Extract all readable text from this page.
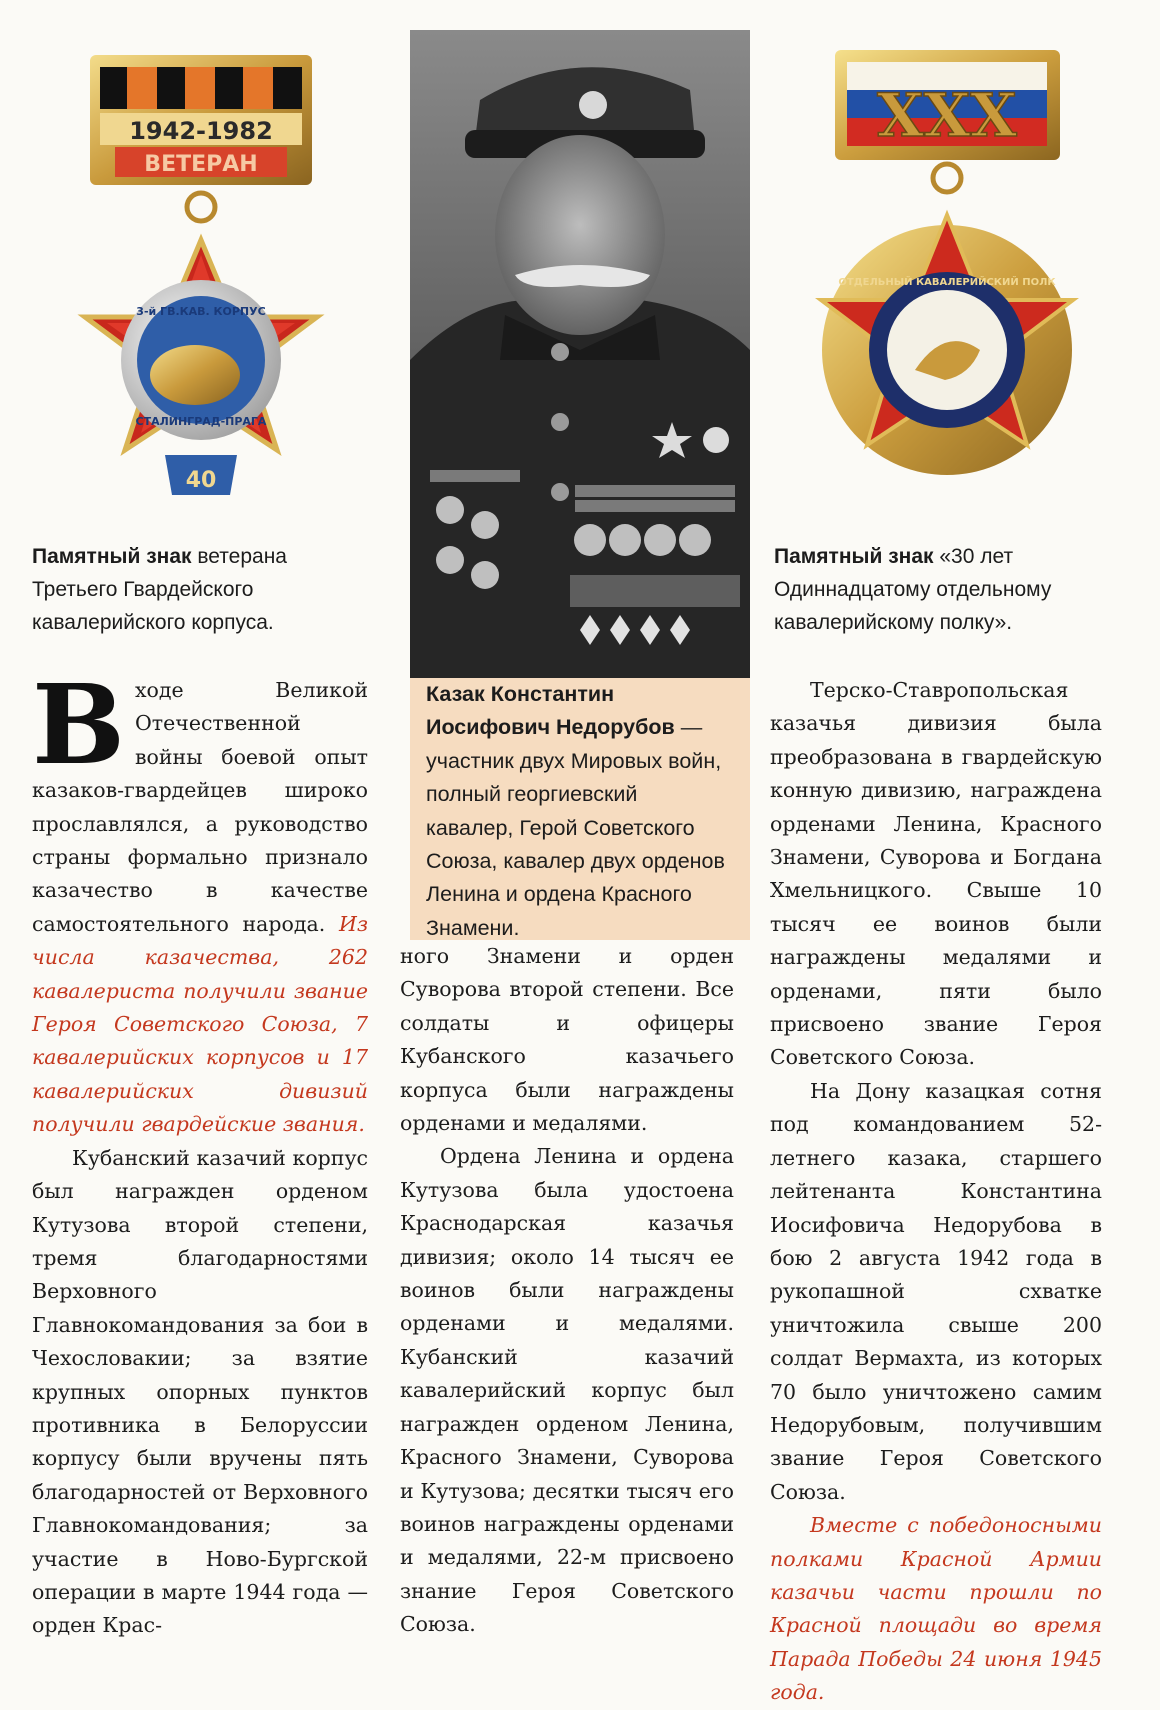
1942-1982
ВЕТЕРАН
3-й ГВ.КАВ. КОРПУС
СТАЛИНГРАД-ПРАГА
40
Казак Константин Иосифович Недорубов — участник двух Мировых войн, полный георгиевский кавалер, Герой Советского Союза, кавалер двух орденов Ленина и ордена Красного Знамени.
XXX
ОТДЕЛЬНЫЙ КАВАЛЕРИЙСКИЙ ПОЛК
Памятный знак ветерана Третьего Гвардейского кавалерийского корпуса.
Памятный знак «30 лет Одиннадцатому отдельному кавалерийскому полку».

Входе Великой Отечественной войны боевой опыт казаков-гвардейцев широко прославлялся, а руководство страны формально признало казачество в качестве самостоятельного народа. Из числа казачества, 262 кавалериста получили звание Героя Советского Союза, 7 кавалерийских корпусов и 17 кавалерийских дивизий получили гвардейские звания.

Кубанский казачий корпус был награжден орденом Кутузова второй степени, тремя благодарностями Верховного Главнокомандования за бои в Чехословакии; за взятие крупных опорных пунктов противника в Белоруссии корпусу были вручены пять благодарностей от Верховного Главнокомандования; за участие в Ново-Бургской операции в марте 1944 года — орден Крас-

ного Знамени и орден Суворова второй степени. Все солдаты и офицеры Кубанского казачьего корпуса были награждены орденами и медалями.

Ордена Ленина и ордена Кутузова была удостоена Краснодарская казачья дивизия; около 14 тысяч ее воинов были награждены орденами и медалями. Кубанский казачий кавалерийский корпус был награжден орденом Ленина, Красного Знамени, Суворова и Кутузова; десятки тысяч его воинов награждены орденами и медалями, 22-м присвоено знание Героя Советского Союза.

Терско-Ставропольская казачья дивизия была преобразована в гвардейскую конную дивизию, награждена орденами Ленина, Красного Знамени, Суворова и Богдана Хмельницкого. Свыше 10 тысяч ее воинов были награждены медалями и орденами, пяти было присвоено звание Героя Советского Союза.

На Дону казацкая сотня под командованием 52-летнего казака, старшего лейтенанта Константина Иосифовича Недорубова в бою 2 августа 1942 года в рукопашной схватке уничтожила свыше 200 солдат Вермахта, из которых 70 было уничтожено самим Недорубовым, получившим звание Героя Советского Союза.

Вместе с победоносными полками Красной Армии казачьи части прошли по Красной площади во время Парада Победы 24 июня 1945 года.
